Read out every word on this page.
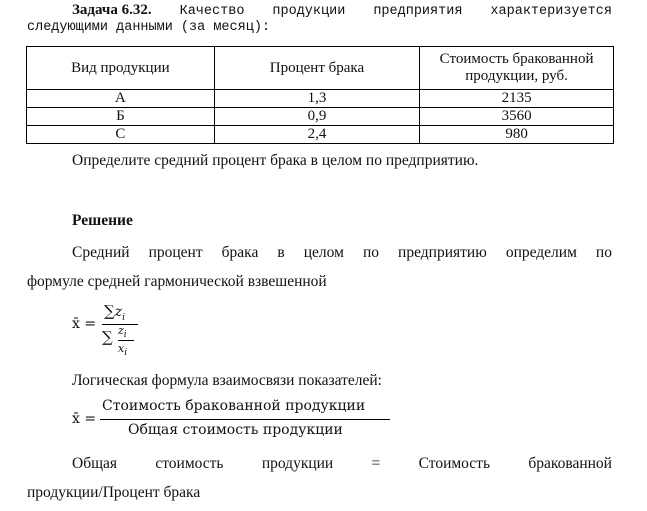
Задача 6.32. Качество продукции предприятия характеризуется
следующими данными (за месяц):
Вид продукции	Процент брака	Стоимость бракованной продукции, руб.
А	1,3	2135
Б	0,9	3560
С	2,4	980
Определите средний процент брака в целом по предприятию.
Решение
Средний процент брака в целом по предприятию определим по
формуле средней гармонической взвешенной
x̄ =
$\sum z_i$
∑ $z_i$
$x_i$
Логическая формула взаимосвязи показателей:
x̄ =
Стоимость бракованной продукции
Общая стоимость продукции
Общая стоимость продукции = Стоимость бракованной
продукции/Процент брака
